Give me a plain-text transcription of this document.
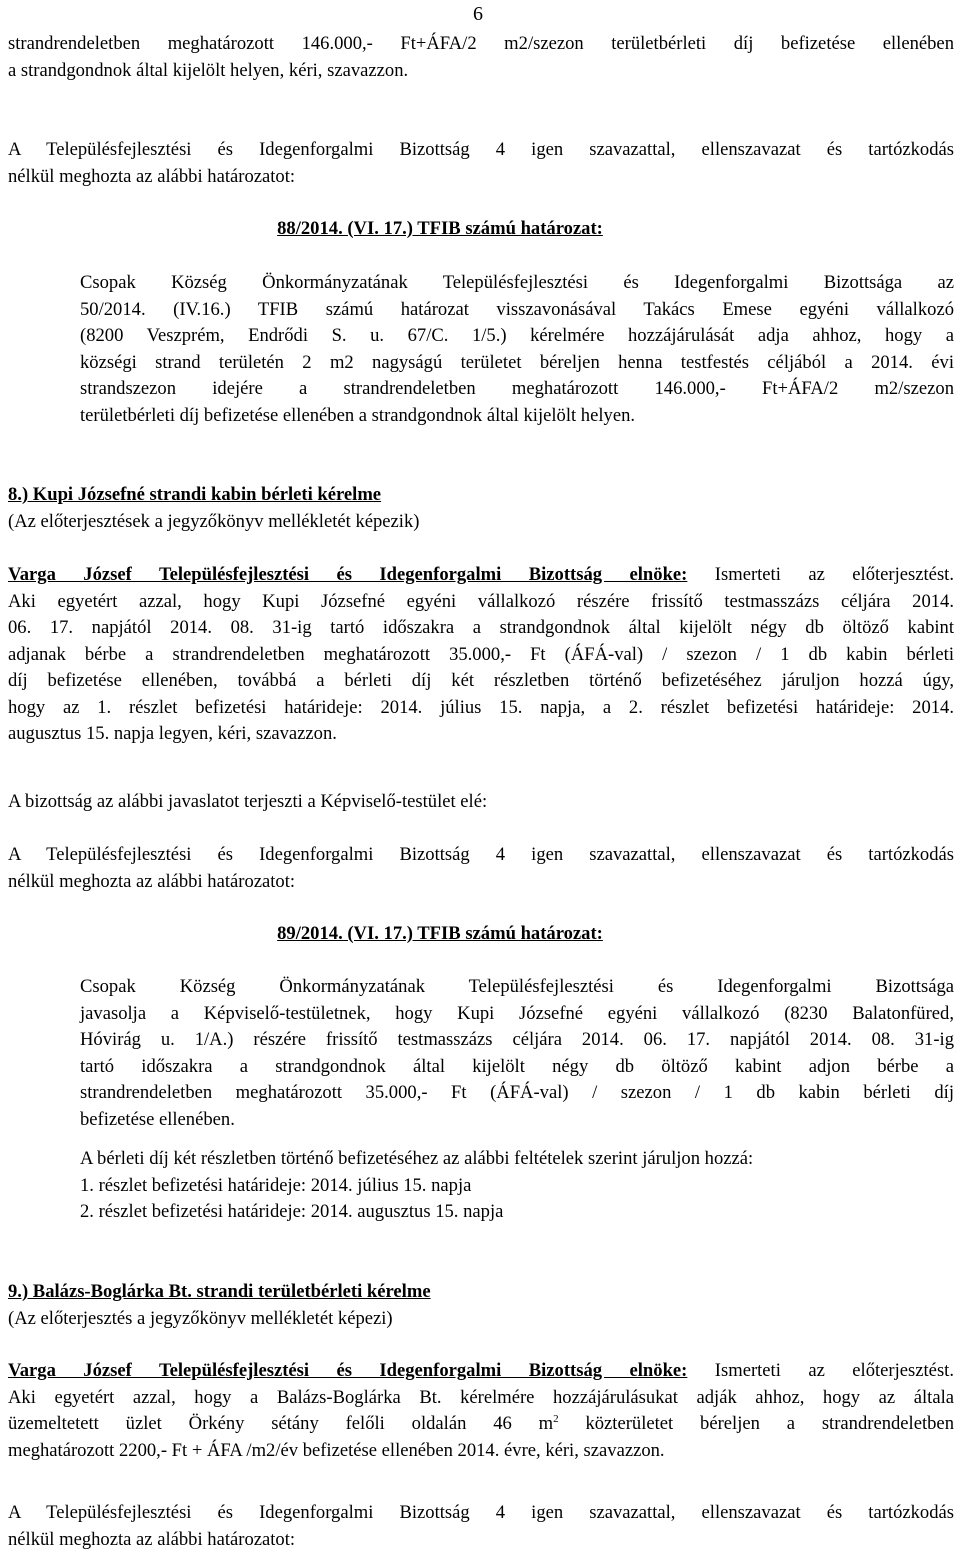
6
strandrendeletben meghatározott 146.000,- Ft+ÁFA/2 m2/szezon területbérleti díj befizetése ellenében
a strandgondnok által kijelölt helyen, kéri, szavazzon.
A Településfejlesztési és Idegenforgalmi Bizottság 4 igen szavazattal, ellenszavazat és tartózkodás
nélkül meghozta az alábbi határozatot:
88/2014. (VI. 17.) TFIB számú határozat:
Csopak Község Önkormányzatának Településfejlesztési és Idegenforgalmi Bizottsága az
50/2014. (IV.16.) TFIB számú határozat visszavonásával Takács Emese egyéni vállalkozó
(8200 Veszprém, Endrődi S. u. 67/C. 1/5.) kérelmére hozzájárulását adja ahhoz, hogy a
községi strand területén 2 m2 nagyságú területet béreljen henna testfestés céljából a 2014. évi
strandszezon idejére a strandrendeletben meghatározott 146.000,- Ft+ÁFA/2 m2/szezon
területbérleti díj befizetése ellenében a strandgondnok által kijelölt helyen.
8.) Kupi Józsefné strandi kabin bérleti kérelme
(Az előterjesztések a jegyzőkönyv mellékletét képezik)
Varga József Településfejlesztési és Idegenforgalmi Bizottság elnöke: Ismerteti az előterjesztést.
Aki egyetért azzal, hogy Kupi Józsefné egyéni vállalkozó részére frissítő testmasszázs céljára 2014.
06. 17. napjától 2014. 08. 31-ig tartó időszakra a strandgondnok által kijelölt négy db öltöző kabint
adjanak bérbe a strandrendeletben meghatározott 35.000,- Ft (ÁFÁ-val) / szezon / 1 db kabin bérleti
díj befizetése ellenében, továbbá a bérleti díj két részletben történő befizetéséhez járuljon hozzá úgy,
hogy az 1. részlet befizetési határideje: 2014. július 15. napja, a 2. részlet befizetési határideje: 2014.
augusztus 15. napja legyen, kéri, szavazzon.
A bizottság az alábbi javaslatot terjeszti a Képviselő-testület elé:
A Településfejlesztési és Idegenforgalmi Bizottság 4 igen szavazattal, ellenszavazat és tartózkodás
nélkül meghozta az alábbi határozatot:
89/2014. (VI. 17.) TFIB számú határozat:
Csopak Község Önkormányzatának Településfejlesztési és Idegenforgalmi Bizottsága
javasolja a Képviselő-testületnek, hogy Kupi Józsefné egyéni vállalkozó (8230 Balatonfüred,
Hóvirág u. 1/A.) részére frissítő testmasszázs céljára 2014. 06. 17. napjától 2014. 08. 31-ig
tartó időszakra a strandgondnok által kijelölt négy db öltöző kabint adjon bérbe a
strandrendeletben meghatározott 35.000,- Ft (ÁFÁ-val) / szezon / 1 db kabin bérleti díj
befizetése ellenében.
A bérleti díj két részletben történő befizetéséhez az alábbi feltételek szerint járuljon hozzá:
1. részlet befizetési határideje: 2014. július 15. napja
2. részlet befizetési határideje: 2014. augusztus 15. napja
9.) Balázs-Boglárka Bt. strandi területbérleti kérelme
(Az előterjesztés a jegyzőkönyv mellékletét képezi)
Varga József Településfejlesztési és Idegenforgalmi Bizottság elnöke: Ismerteti az előterjesztést.
Aki egyetért azzal, hogy a Balázs-Boglárka Bt. kérelmére hozzájárulásukat adják ahhoz, hogy az általa
üzemeltetett üzlet Örkény sétány felőli oldalán 46 $m^2$ közterületet béreljen a strandrendeletben
meghatározott 2200,- Ft + ÁFA /m2/év befizetése ellenében 2014. évre, kéri, szavazzon.
A Településfejlesztési és Idegenforgalmi Bizottság 4 igen szavazattal, ellenszavazat és tartózkodás
nélkül meghozta az alábbi határozatot:
